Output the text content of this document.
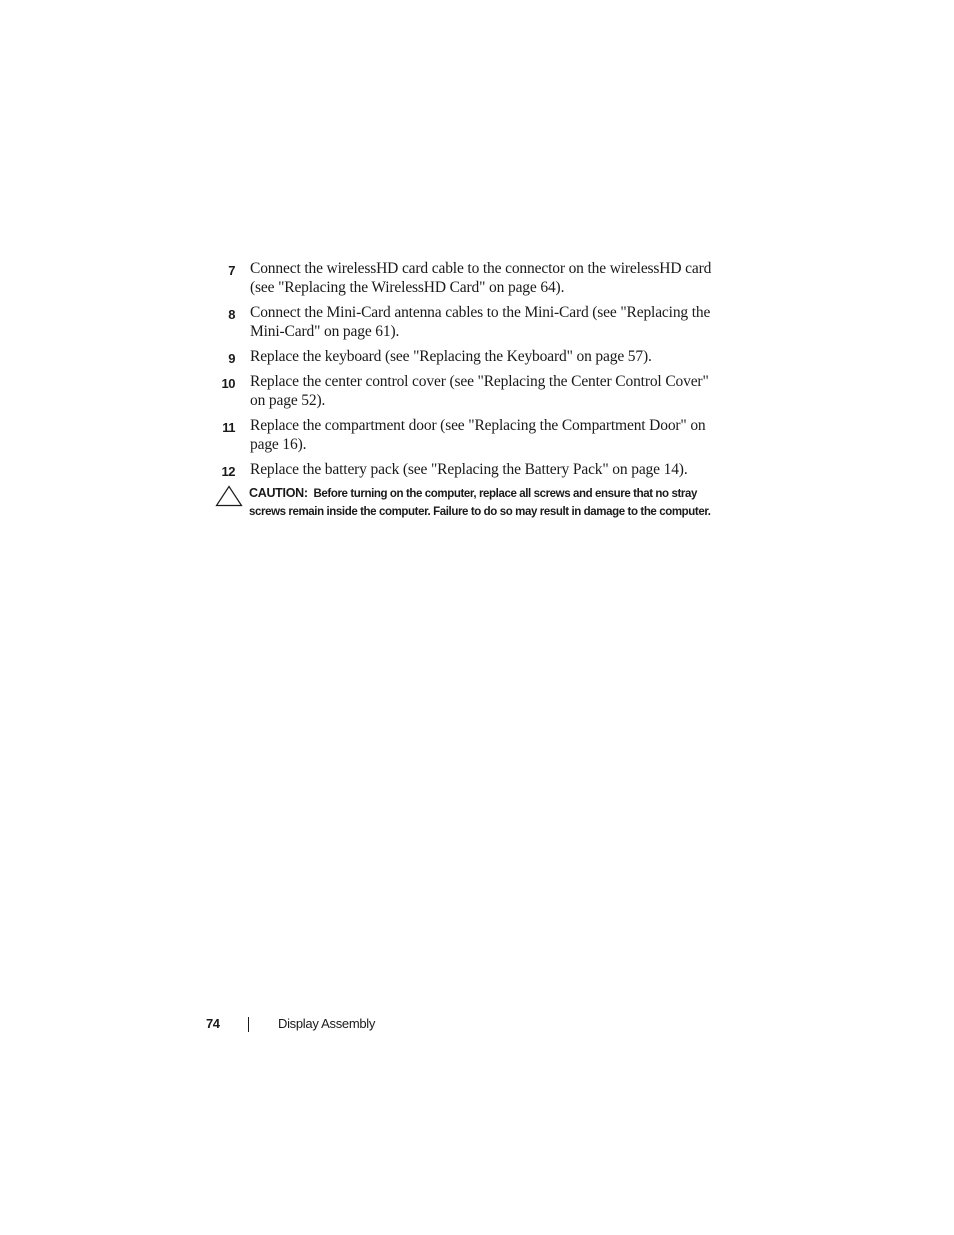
7 Connect the wirelessHD card cable to the connector on the wirelessHD card (see "Replacing the WirelessHD Card" on page 64).
8 Connect the Mini-Card antenna cables to the Mini-Card (see "Replacing the Mini-Card" on page 61).
9 Replace the keyboard (see "Replacing the Keyboard" on page 57).
10 Replace the center control cover (see "Replacing the Center Control Cover" on page 52).
11 Replace the compartment door (see "Replacing the Compartment Door" on page 16).
12 Replace the battery pack (see "Replacing the Battery Pack" on page 14).
CAUTION: Before turning on the computer, replace all screws and ensure that no stray screws remain inside the computer. Failure to do so may result in damage to the computer.
74	Display Assembly
